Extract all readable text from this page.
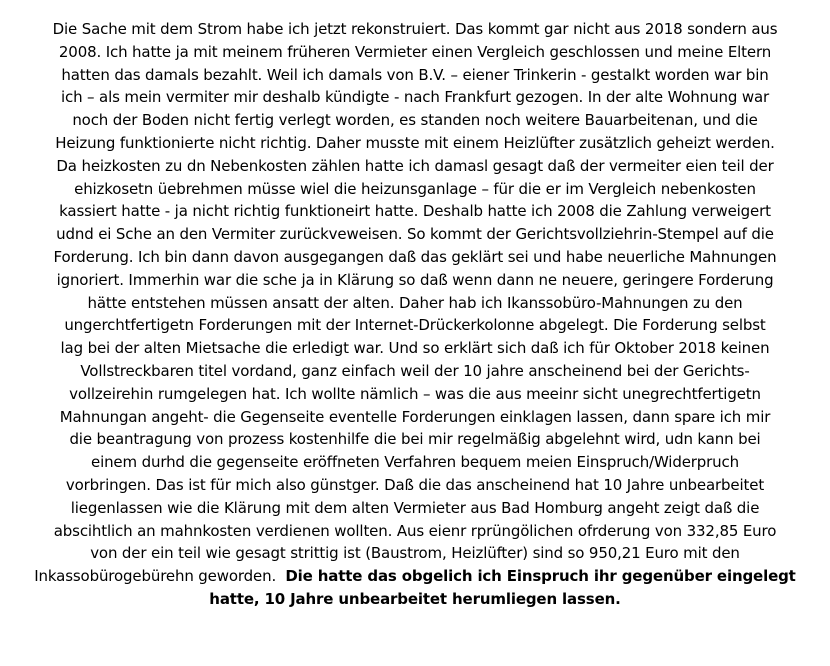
Die Sache mit dem Strom habe ich jetzt rekonstruiert. Das kommt gar nicht aus 2018 sondern aus
2008. Ich hatte ja mit meinem früheren Vermieter einen Vergleich geschlossen und meine Eltern
hatten das damals bezahlt. Weil ich damals von B.V. – eiener Trinkerin - gestalkt worden war bin
ich – als mein vermiter mir deshalb kündigte - nach Frankfurt gezogen. In der alte Wohnung war
noch der Boden nicht fertig verlegt worden, es standen noch weitere Bauarbeitenan, und die
Heizung funktionierte nicht richtig. Daher musste mit einem Heizlüfter zusätzlich geheizt werden.
Da heizkosten zu dn Nebenkosten zählen hatte ich damasl gesagt daß der vermeiter eien teil der
ehizkosetn üebrehmen müsse wiel die heizunsganlage – für die er im Vergleich nebenkosten
kassiert hatte - ja nicht richtig funktioneirt hatte. Deshalb hatte ich 2008 die Zahlung verweigert
udnd ei Sche an den Vermiter zurückveweisen. So kommt der Gerichtsvollziehrin-Stempel auf die
Forderung. Ich bin dann davon ausgegangen daß das geklärt sei und habe neuerliche Mahnungen
ignoriert. Immerhin war die sche ja in Klärung so daß wenn dann ne neuere, geringere Forderung
hätte entstehen müssen ansatt der alten. Daher hab ich Ikanssobüro-Mahnungen zu den
ungerchtfertigetn Forderungen mit der Internet-Drückerkolonne abgelegt. Die Forderung selbst
lag bei der alten Mietsache die erledigt war. Und so erklärt sich daß ich für Oktober 2018 keinen
Vollstreckbaren titel vordand, ganz einfach weil der 10 jahre anscheinend bei der Gerichts-
vollzeirehin rumgelegen hat. Ich wollte nämlich – was die aus meeinr sicht unegrechtfertigetn
Mahnungan angeht- die Gegenseite eventelle Forderungen einklagen lassen, dann spare ich mir
die beantragung von prozess kostenhilfe die bei mir regelmäßig abgelehnt wird, udn kann bei
einem durhd die gegenseite eröffneten Verfahren bequem meien Einspruch/Widerpruch
vorbringen. Das ist für mich also günstger. Daß die das anscheinend hat 10 Jahre unbearbeitet
liegenlassen wie die Klärung mit dem alten Vermieter aus Bad Homburg angeht zeigt daß die
abscihtlich an mahnkosten verdienen wollten. Aus eienr rprüngölichen ofrderung von 332,85 Euro
von der ein teil wie gesagt strittig ist (Baustrom, Heizlüfter) sind so 950,21 Euro mit den
Inkassobürogebürehn geworden.  Die hatte das obgelich ich Einspruch ihr gegenüber eingelegt
hatte, 10 Jahre unbearbeitet herumliegen lassen.
